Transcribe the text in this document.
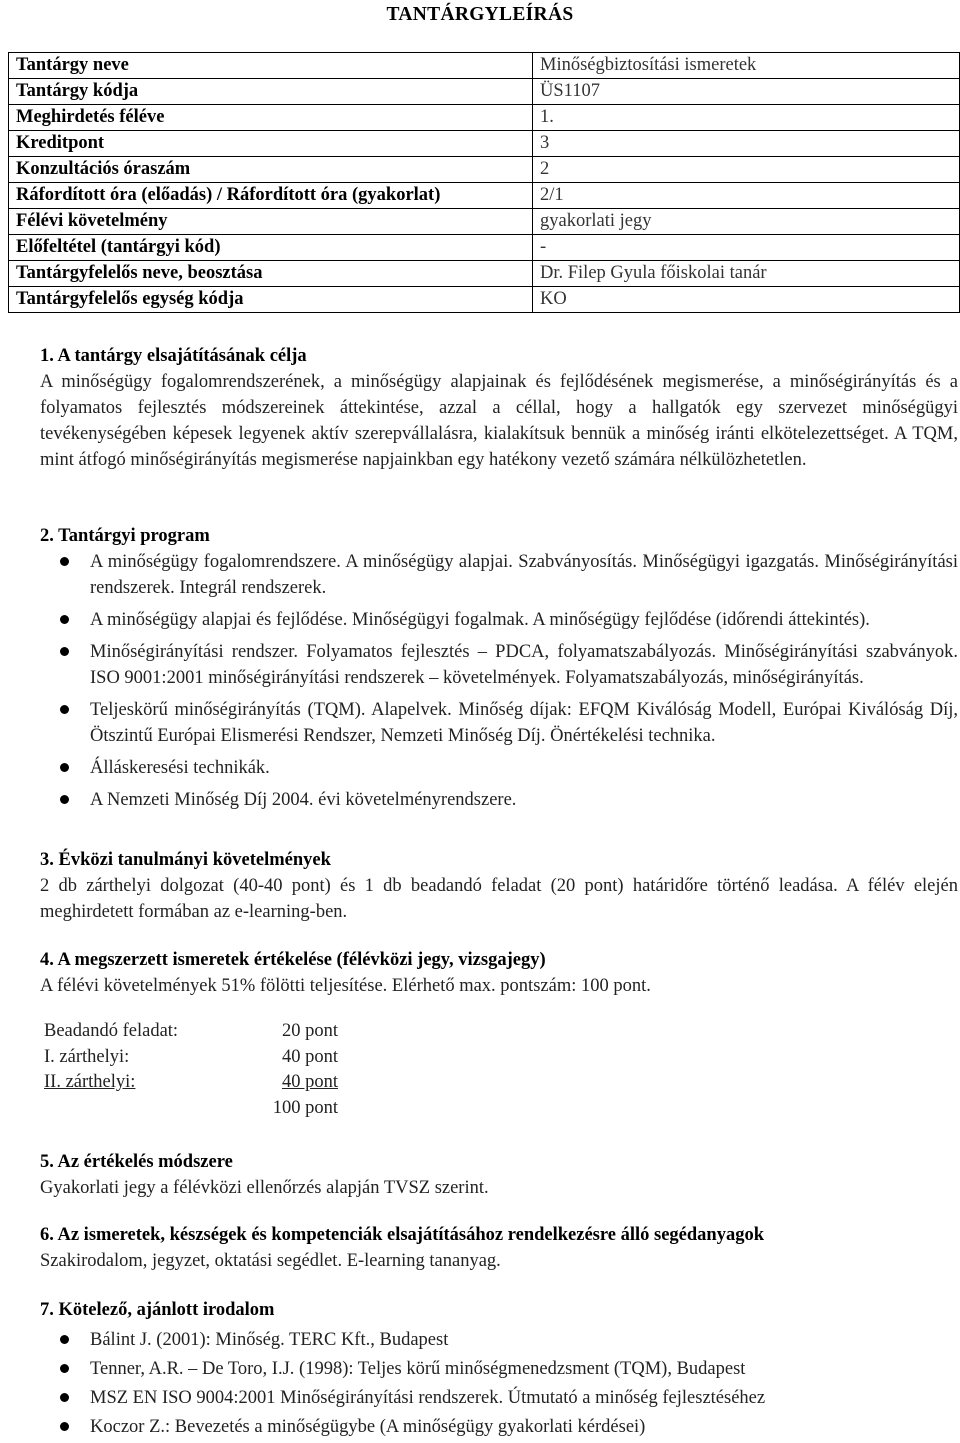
TANTÁRGYLEÍRÁS
Tantárgy neve	Minőségbiztosítási ismeretek
Tantárgy kódja	ÜS1107
Meghirdetés féléve	1.
Kreditpont	3
Konzultációs óraszám	2
Ráfordított óra (előadás) / Ráfordított óra (gyakorlat)	2/1
Félévi követelmény	gyakorlati jegy
Előfeltétel (tantárgyi kód)	-
Tantárgyfelelős neve, beosztása	Dr. Filep Gyula főiskolai tanár
Tantárgyfelelős egység kódja	KO
1. A tantárgy elsajátításának célja

A minőségügy fogalomrendszerének, a minőségügy alapjainak és fejlődésének megismerése, a minőségirányítás és a folyamatos fejlesztés módszereinek áttekintése, azzal a céllal, hogy a hallgatók egy szervezet minőségügyi tevékenységében képesek legyenek aktív szerepvállalásra, kialakítsuk bennük a minőség iránti elkötelezettséget. A TQM, mint átfogó minőségirányítás megismerése napjainkban egy hatékony vezető számára nélkülözhetetlen.

2. Tantárgyi program
A minőségügy fogalomrendszere. A minőségügy alapjai. Szabványosítás. Minőségügyi igazgatás. Minőségirányítási rendszerek. Integrál rendszerek.
A minőségügy alapjai és fejlődése. Minőségügyi fogalmak. A minőségügy fejlődése (időrendi áttekintés).
Minőségirányítási rendszer. Folyamatos fejlesztés – PDCA, folyamatszabályozás. Minőségirányítási szabványok. ISO 9001:2001 minőségirányítási rendszerek – követelmények. Folyamatszabályozás, minőségirányítás.
Teljeskörű minőségirányítás (TQM). Alapelvek. Minőség díjak: EFQM Kiválóság Modell, Európai Kiválóság Díj, Ötszintű Európai Elismerési Rendszer, Nemzeti Minőség Díj. Önértékelési technika.
Álláskeresési technikák.
A Nemzeti Minőség Díj 2004. évi követelményrendszere.
3. Évközi tanulmányi követelmények

2 db zárthelyi dolgozat (40-40 pont) és 1 db beadandó feladat (20 pont) határidőre történő leadása. A félév elején meghirdetett formában az e-learning-ben.

4. A megszerzett ismeretek értékelése (félévközi jegy, vizsgajegy)

A félévi követelmények 51% fölötti teljesítése. Elérhető max. pontszám: 100 pont.

Beadandó feladat:	20 pont
I. zárthelyi:	40 pont
II. zárthelyi:	40 pont
	100 pont
5. Az értékelés módszere

Gyakorlati jegy a félévközi ellenőrzés alapján TVSZ szerint.

6. Az ismeretek, készségek és kompetenciák elsajátításához rendelkezésre álló segédanyagok

Szakirodalom, jegyzet, oktatási segédlet. E-learning tananyag.

7. Kötelező, ajánlott irodalom
Bálint J. (2001): Minőség. TERC Kft., Budapest
Tenner, A.R. – De Toro, I.J. (1998): Teljes körű minőségmenedzsment (TQM), Budapest
MSZ EN ISO 9004:2001 Minőségirányítási rendszerek. Útmutató a minőség fejlesztéséhez
Koczor Z.: Bevezetés a minőségügybe (A minőségügy gyakorlati kérdései)
